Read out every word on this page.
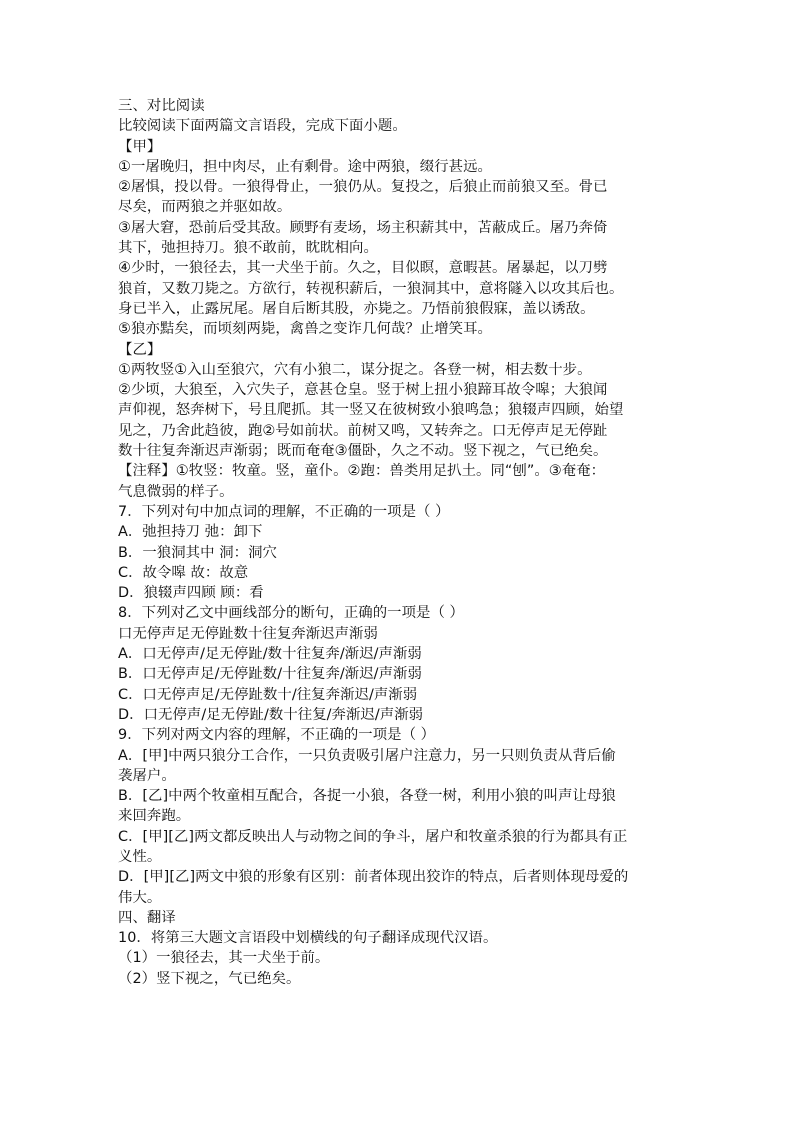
三、对比阅读
比较阅读下面两篇文言语段，完成下面小题。
【甲】
①一屠晚归，担中肉尽，止有剩骨。途中两狼，缀行甚远。
②屠惧，投以骨。一狼得骨止，一狼仍从。复投之，后狼止而前狼又至。骨已
尽矣，而两狼之并驱如故。
③屠大窘，恐前后受其敌。顾野有麦场，场主积薪其中，苫蔽成丘。屠乃奔倚
其下，弛担持刀。狼不敢前，眈眈相向。
④少时，一狼径去，其一犬坐于前。久之，目似瞑，意暇甚。屠暴起，以刀劈
狼首，又数刀毙之。方欲行，转视积薪后，一狼洞其中，意将隧入以攻其后也。
身已半入，止露尻尾。屠自后断其股，亦毙之。乃悟前狼假寐，盖以诱敌。
⑤狼亦黠矣，而顷刻两毙，禽兽之变诈几何哉？止增笑耳。
【乙】
①两牧竖①入山至狼穴，穴有小狼二，谋分捉之。各登一树，相去数十步。
②少顷，大狼至，入穴失子，意甚仓皇。竖于树上扭小狼蹄耳故令嗥；大狼闻
声仰视，怒奔树下，号且爬抓。其一竖又在彼树致小狼鸣急；狼辍声四顾，始望
见之，乃舍此趋彼，跑②号如前状。前树又鸣，又转奔之。口无停声足无停趾
数十往复奔渐迟声渐弱；既而奄奄③僵卧，久之不动。竖下视之，气已绝矣。
【注释】①牧竖：牧童。竖，童仆。②跑：兽类用足扒土。同“刨”。③奄奄：
气息微弱的样子。
7．下列对句中加点词的理解，不正确的一项是（ ）
A．弛担持刀 弛：卸下
B．一狼洞其中 洞：洞穴
C．故令嗥 故：故意
D．狼辍声四顾 顾：看
8．下列对乙文中画线部分的断句，正确的一项是（ ）
口无停声足无停趾数十往复奔渐迟声渐弱
A．口无停声/足无停趾/数十往复奔/渐迟/声渐弱
B．口无停声足/无停趾数/十往复奔/渐迟/声渐弱
C．口无停声足/无停趾数十/往复奔渐迟/声渐弱
D．口无停声/足无停趾/数十往复/奔渐迟/声渐弱
9．下列对两文内容的理解，不正确的一项是（ ）
A．[甲]中两只狼分工合作，一只负责吸引屠户注意力，另一只则负责从背后偷
袭屠户。
B．[乙]中两个牧童相互配合，各捉一小狼，各登一树，利用小狼的叫声让母狼
来回奔跑。
C．[甲][乙]两文都反映出人与动物之间的争斗，屠户和牧童杀狼的行为都具有正
义性。
D．[甲][乙]两文中狼的形象有区别：前者体现出狡诈的特点，后者则体现母爱的
伟大。
四、翻译
10．将第三大题文言语段中划横线的句子翻译成现代汉语。
（1）一狼径去，其一犬坐于前。
（2）竖下视之，气已绝矣。
